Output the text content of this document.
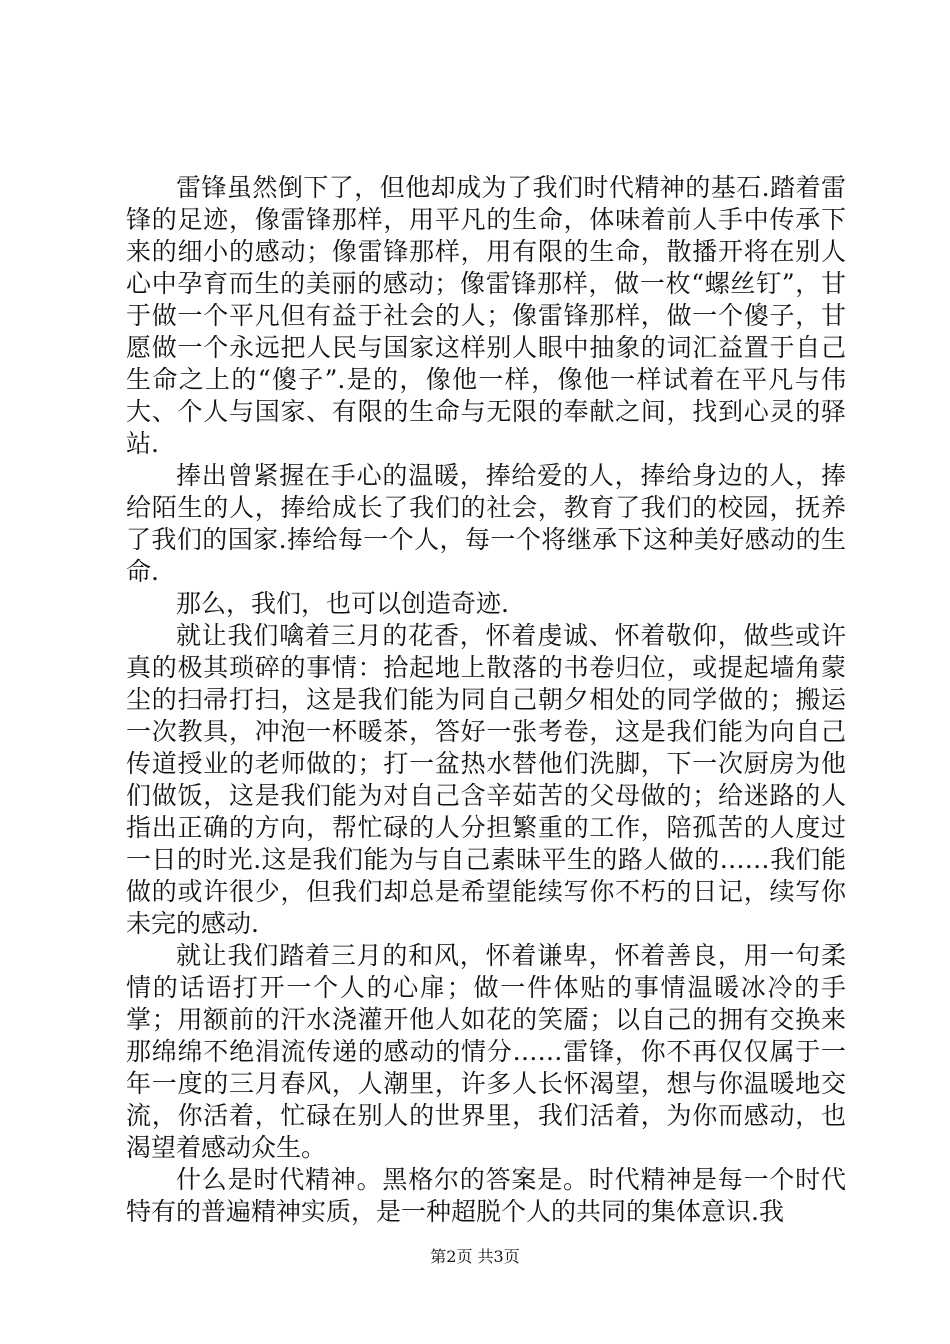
雷锋虽然倒下了，但他却成为了我们时代精神的基石.踏着雷锋的足迹，像雷锋那样，用平凡的生命，体味着前人手中传承下来的细小的感动；像雷锋那样，用有限的生命，散播开将在别人心中孕育而生的美丽的感动；像雷锋那样，做一枚“螺丝钉”，甘于做一个平凡但有益于社会的人；像雷锋那样，做一个傻子，甘愿做一个永远把人民与国家这样别人眼中抽象的词汇益置于自己生命之上的“傻子”.是的，像他一样，像他一样试着在平凡与伟大、个人与国家、有限的生命与无限的奉献之间，找到心灵的驿站.

捧出曾紧握在手心的温暖，捧给爱的人，捧给身边的人，捧给陌生的人，捧给成长了我们的社会，教育了我们的校园，抚养了我们的国家.捧给每一个人，每一个将继承下这种美好感动的生命.

那么，我们，也可以创造奇迹.

就让我们噙着三月的花香，怀着虔诚、怀着敬仰，做些或许真的极其琐碎的事情：拾起地上散落的书卷归位，或提起墙角蒙尘的扫帚打扫，这是我们能为同自己朝夕相处的同学做的；搬运一次教具，冲泡一杯暖茶，答好一张考卷，这是我们能为向自己传道授业的老师做的；打一盆热水替他们洗脚，下一次厨房为他们做饭，这是我们能为对自己含辛茹苦的父母做的；给迷路的人指出正确的方向，帮忙碌的人分担繁重的工作，陪孤苦的人度过一日的时光.这是我们能为与自己素昧平生的路人做的……我们能做的或许很少，但我们却总是希望能续写你不朽的日记，续写你未完的感动.

就让我们踏着三月的和风，怀着谦卑，怀着善良，用一句柔情的话语打开一个人的心扉；做一件体贴的事情温暖冰冷的手掌；用额前的汗水浇灌开他人如花的笑靥；以自己的拥有交换来那绵绵不绝涓流传递的感动的情分……雷锋，你不再仅仅属于一年一度的三月春风，人潮里，许多人长怀渴望，想与你温暖地交流，你活着，忙碌在别人的世界里，我们活着，为你而感动，也渴望着感动众生。

什么是时代精神。黑格尔的答案是。时代精神是每一个时代特有的普遍精神实质，是一种超脱个人的共同的集体意识.我

第2页 共3页
